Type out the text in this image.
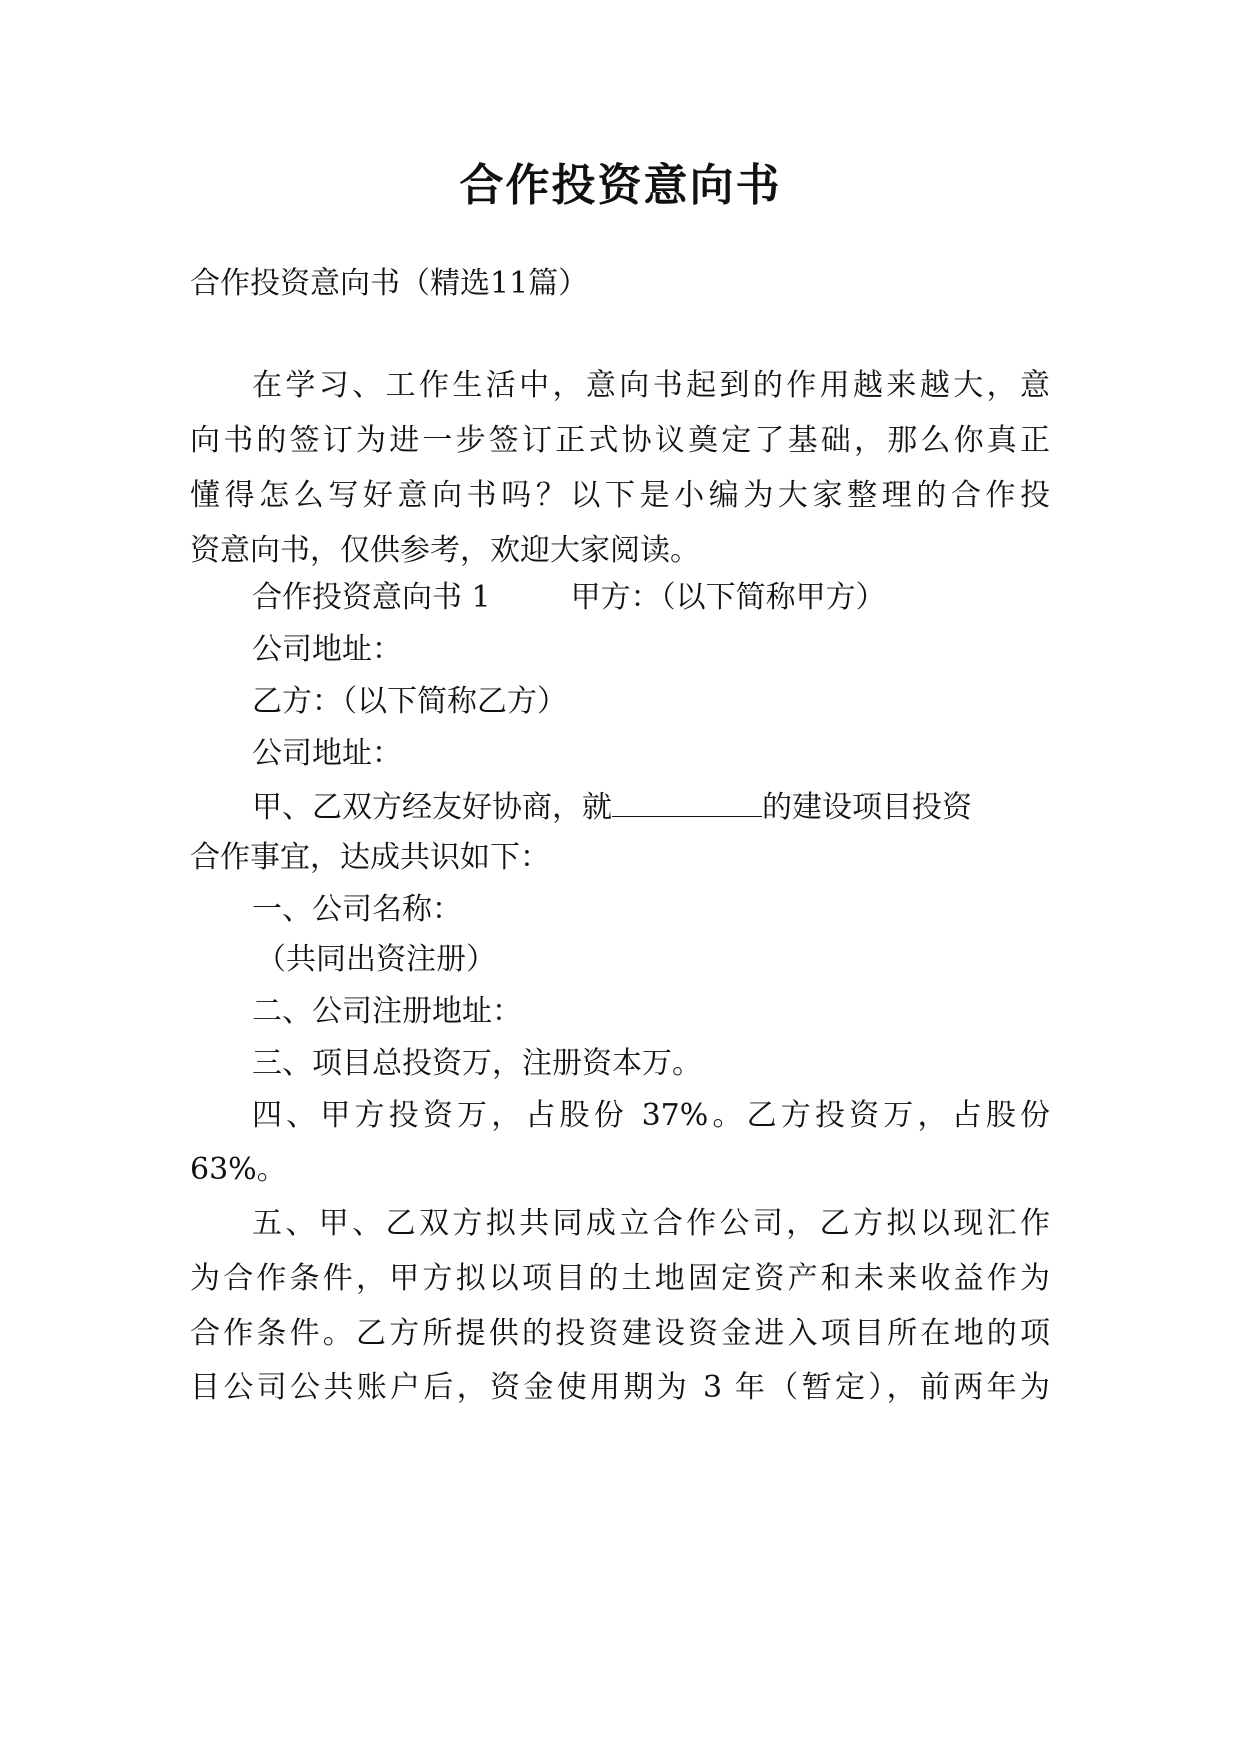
合作投资意向书

合作投资意向书（精选11篇）

在学习、工作生活中，意向书起到的作用越来越大，意

向书的签订为进一步签订正式协议奠定了基础，那么你真正

懂得怎么写好意向书吗？以下是小编为大家整理的合作投

资意向书，仅供参考，欢迎大家阅读。

合作投资意向书 1	甲方：（以下简称甲方）

公司地址：

乙方：（以下简称乙方）

公司地址：

甲、乙双方经友好协商，就	的建设项目投资

合作事宜，达成共识如下：

一、公司名称：

（共同出资注册）

二、公司注册地址：

三、项目总投资万，注册资本万。

四、甲方投资万，占股份 37%。乙方投资万，占股份

63%。

五、甲、乙双方拟共同成立合作公司，乙方拟以现汇作

为合作条件，甲方拟以项目的土地固定资产和未来收益作为

合作条件。乙方所提供的投资建设资金进入项目所在地的项

目公司公共账户后，资金使用期为 3 年（暂定），前两年为
